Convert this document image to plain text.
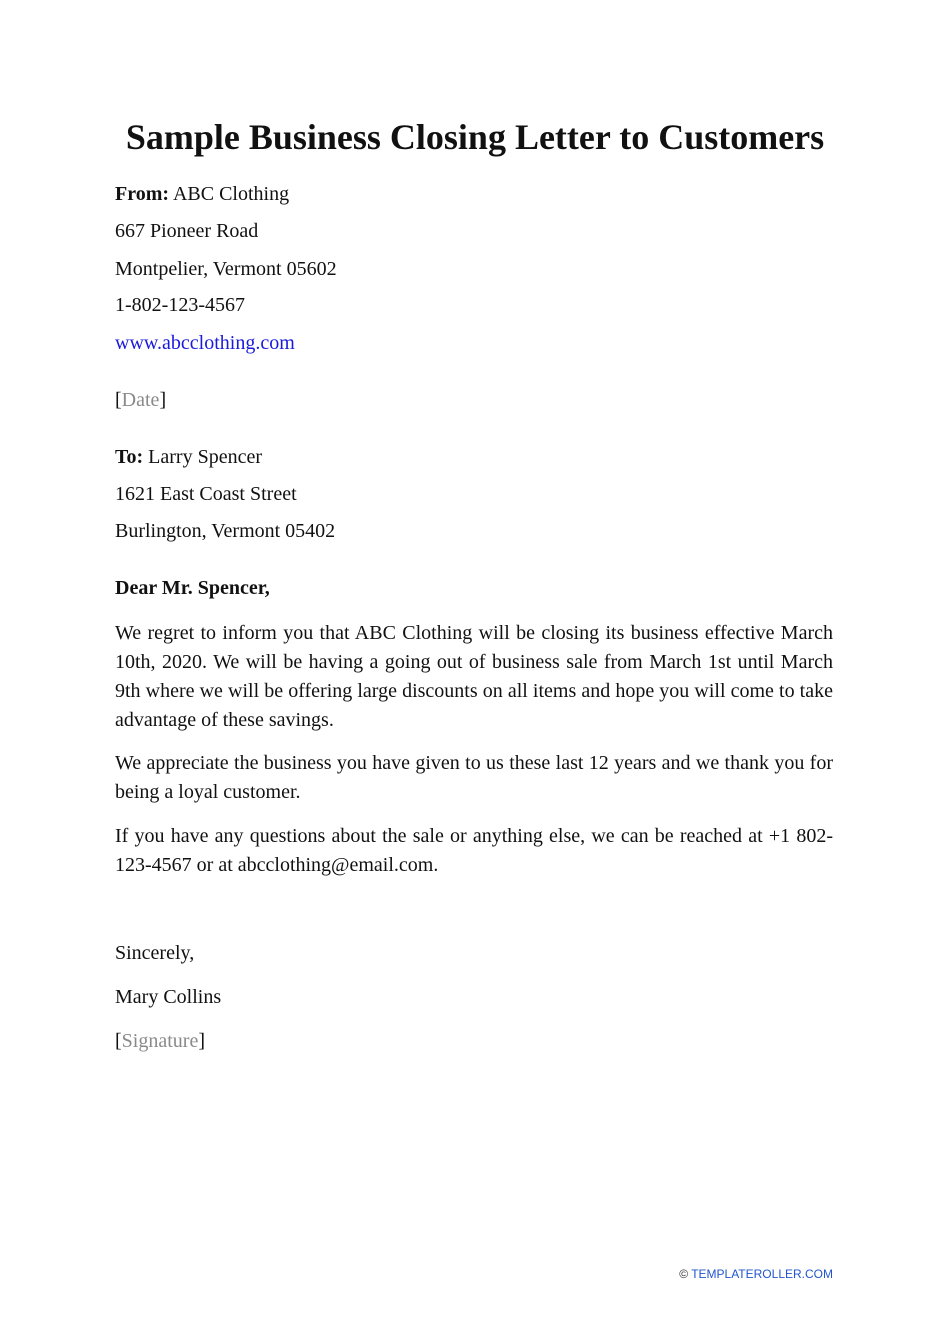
Sample Business Closing Letter to Customers

From: ABC Clothing

667 Pioneer Road

Montpelier, Vermont 05602

1-802-123-4567

www.abcclothing.com

[Date]

To: Larry Spencer

1621 East Coast Street

Burlington, Vermont 05402

Dear Mr. Spencer,

We regret to inform you that ABC Clothing will be closing its business effective March 10th, 2020. We will be having a going out of business sale from March 1st until March 9th where we will be offering large discounts on all items and hope you will come to take advantage of these savings.

We appreciate the business you have given to us these last 12 years and we thank you for being a loyal customer.

If you have any questions about the sale or anything else, we can be reached at +1 802-123-4567 or at abcclothing@email.com.

Sincerely,

Mary Collins

[Signature]

© TEMPLATEROLLER.COM
